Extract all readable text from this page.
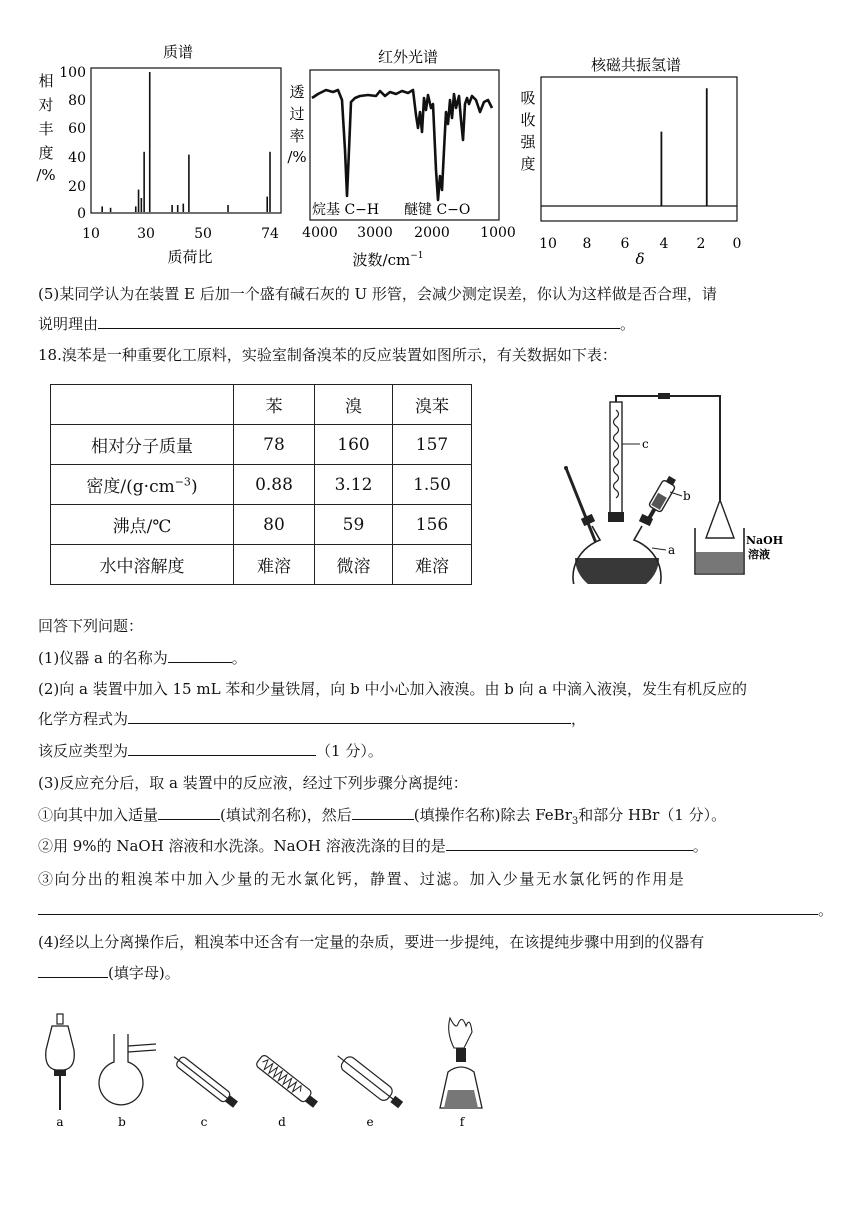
质谱
相
对
丰
度
/%
100
80
60
40
20
0
10	30	50	74
质荷比
红外光谱
透
过
率
/%
烷基 C−H 醚键 C−O
4000 3000 2000 1000
波数$/cm^{-1}$
核磁共振氢谱
吸
收
强
度
10 8 6 4 2 0
δ
(5)某同学认为在装置 E 后加一个盛有碱石灰的 U 形管，会减少测定误差，你认为这样做是否合理，请
说明理由	。
18.溴苯是一种重要化工原料，实验室制备溴苯的反应装置如图所示，有关数据如下表：
	苯	溴	溴苯
相对分子质量	78	160	157
密度$/(g\cdot cm^{-3})$	0.88	3.12	1.50
沸点/℃	80	59	156
水中溶解度	难溶	微溶	难溶
c
b
a
NaOH
溶液
回答下列问题：
(1)仪器 a 的名称为	。
(2)向 a 装置中加入 15 mL 苯和少量铁屑，向 b 中小心加入液溴。由 b 向 a 中滴入液溴，发生有机反应的
化学方程式为	，
该反应类型为	（1 分）。
(3)反应充分后，取 a 装置中的反应液，经过下列步骤分离提纯：
①向其中加入适量	(填试剂名称)，然后	(填操作名称)除去 FeBr$_3$和部分 HBr（1 分）。
②用 9%的 NaOH 溶液和水洗涤。NaOH 溶液洗涤的目的是	。
③向分出的粗溴苯中加入少量的无水氯化钙，静置、过滤。加入少量无水氯化钙的作用是
。
(4)经以上分离操作后，粗溴苯中还含有一定量的杂质，要进一步提纯，在该提纯步骤中用到的仪器有
(填字母)。
a	b	c	d	e	f
